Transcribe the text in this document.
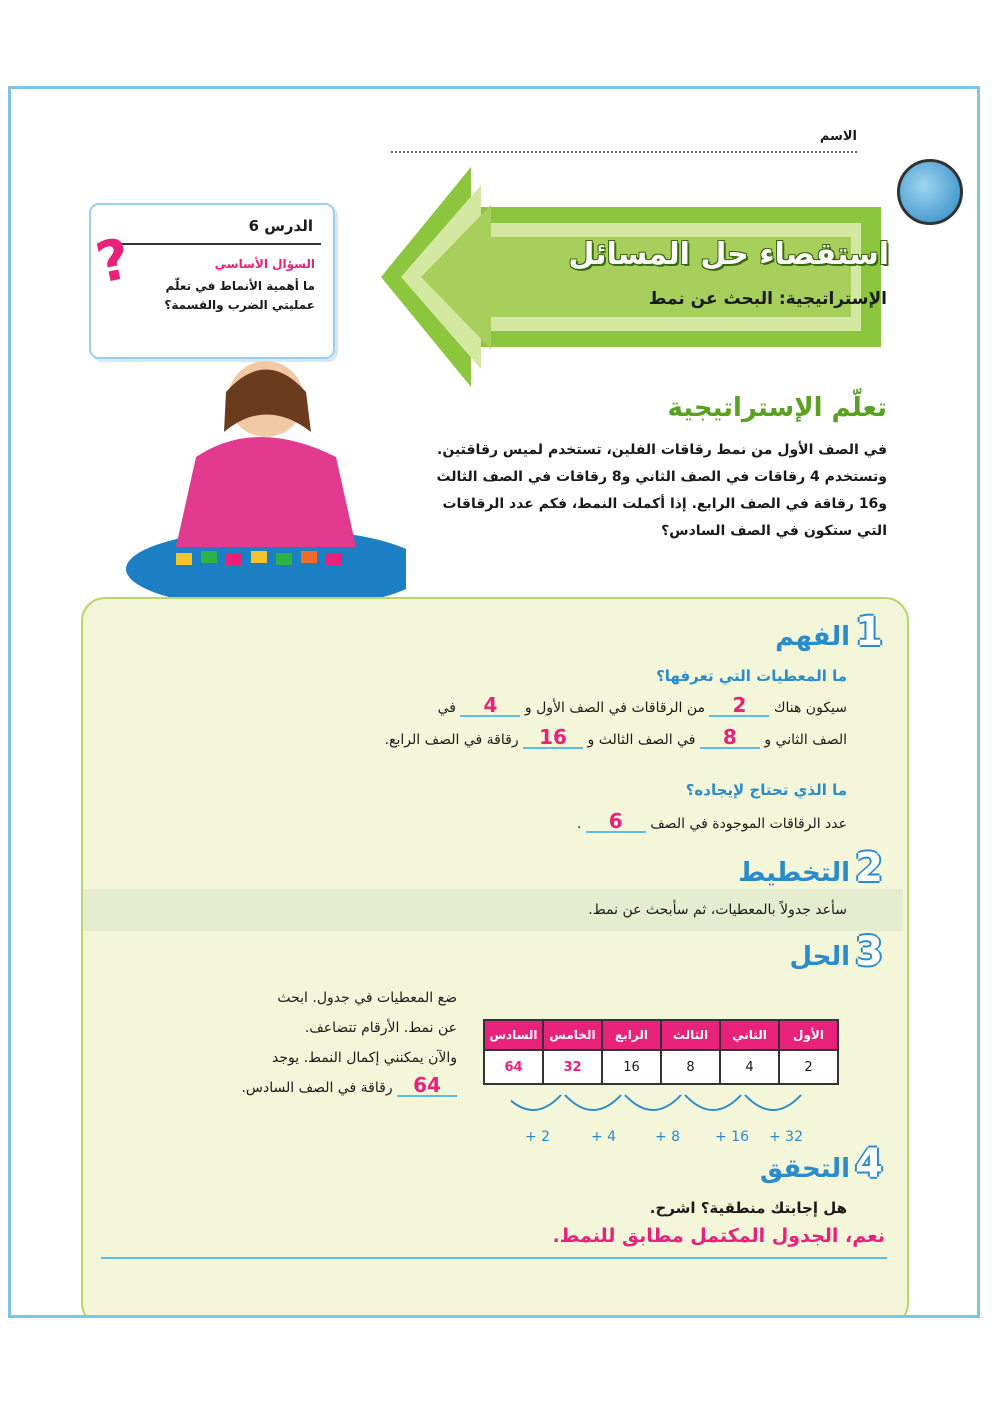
الاسم
استقصاء حل المسائل
الإستراتيجية: البحث عن نمط
الدرس 6
السؤال الأساسي
ما أهمية الأنماط في تعلّم عمليتي الضرب والقسمة؟
?
تعلّم الإستراتيجية
في الصف الأول من نمط رقاقات الفلين، تستخدم لميس رقاقتين. وتستخدم 4 رقاقات في الصف الثاني و8 رقاقات في الصف الثالث و16 رقاقة في الصف الرابع. إذا أكملت النمط، فكم عدد الرقاقات التي ستكون في الصف السادس؟
1 الفهم
ما المعطيات التي تعرفها؟
سيكون هناك 2 من الرقاقات في الصف الأول و 4 في
الصف الثاني و 8 في الصف الثالث و 16 رقاقة في الصف الرابع.
ما الذي تحتاج لإيجاده؟
عدد الرقاقات الموجودة في الصف 6 .
2 التخطيط
سأعد جدولاً بالمعطيات، ثم سأبحث عن نمط.
3 الحل
ضع المعطيات في جدول. ابحث
عن نمط. الأرقام تتضاعف.
والآن يمكنني إكمال النمط. يوجد
64 رقاقة في الصف السادس.
الأول	الثاني	الثالث	الرابع	الخامس	السادس
2	4	8	16	32	64
+ 2	+ 4	+ 8 + 16 + 32
4 التحقق
هل إجابتك منطقية؟ اشرح.
نعم، الجدول المكتمل مطابق للنمط.
